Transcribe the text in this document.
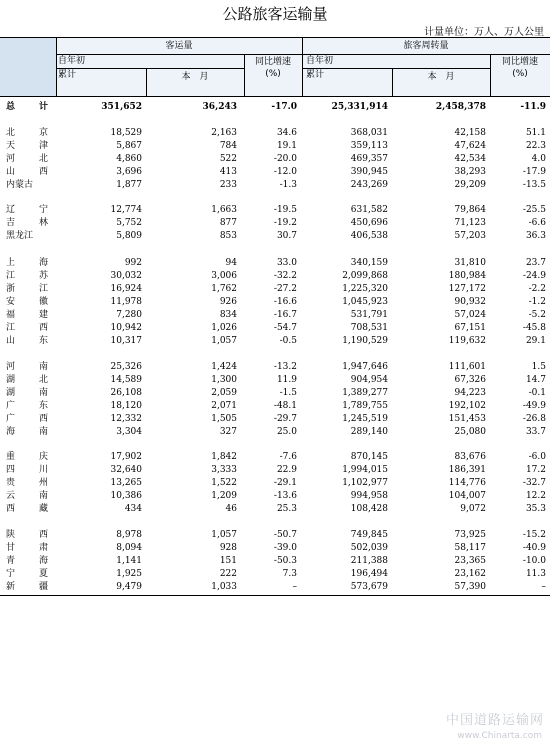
公路旅客运输量
计量单位：万人、万人公里
客运量	旅客周转量
自年初
累计	本　月
同比增速
(%)
自年初
累计	本　月
同比增速
(%)
总	计	351,652	36,243	-17.0	25,331,914	2,458,378	-11.9
北	京	18,529	2,163	34.6	368,031	42,158	51.1
天	津	5,867	784	19.1	359,113	47,624	22.3
河	北	4,860	522	-20.0	469,357	42,534	4.0
山	西	3,696	413	-12.0	390,945	38,293	-17.9
内蒙古	1,877	233	-1.3	243,269	29,209	-13.5
辽	宁	12,774	1,663	-19.5	631,582	79,864	-25.5
吉	林	5,752	877	-19.2	450,696	71,123	-6.6
黑龙江	5,809	853	30.7	406,538	57,203	36.3
上	海	992	94	33.0	340,159	31,810	23.7
江	苏	30,032	3,006	-32.2	2,099,868	180,984	-24.9
浙	江	16,924	1,762	-27.2	1,225,320	127,172	-2.2
安	徽	11,978	926	-16.6	1,045,923	90,932	-1.2
福	建	7,280	834	-16.7	531,791	57,024	-5.2
江	西	10,942	1,026	-54.7	708,531	67,151	-45.8
山	东	10,317	1,057	-0.5	1,190,529	119,632	29.1
河	南	25,326	1,424	-13.2	1,947,646	111,601	1.5
湖	北	14,589	1,300	11.9	904,954	67,326	14.7
湖	南	26,108	2,059	-1.5	1,389,277	94,223	-0.1
广	东	18,120	2,071	-48.1	1,789,755	192,102	-49.9
广	西	12,332	1,505	-29.7	1,245,519	151,453	-26.8
海	南	3,304	327	25.0	289,140	25,080	33.7
重	庆	17,902	1,842	-7.6	870,145	83,676	-6.0
四	川	32,640	3,333	22.9	1,994,015	186,391	17.2
贵	州	13,265	1,522	-29.1	1,102,977	114,776	-32.7
云	南	10,386	1,209	-13.6	994,958	104,007	12.2
西	藏	434	46	25.3	108,428	9,072	35.3
陕	西	8,978	1,057	-50.7	749,845	73,925	-15.2
甘	肃	8,094	928	-39.0	502,039	58,117	-40.9
青	海	1,141	151	-50.3	211,388	23,365	-10.0
宁	夏	1,925	222	7.3	196,494	23,162	11.3
新	疆	9,479	1,033	–	573,679	57,390	–
中国道路运输网
www.Chinarta.com
